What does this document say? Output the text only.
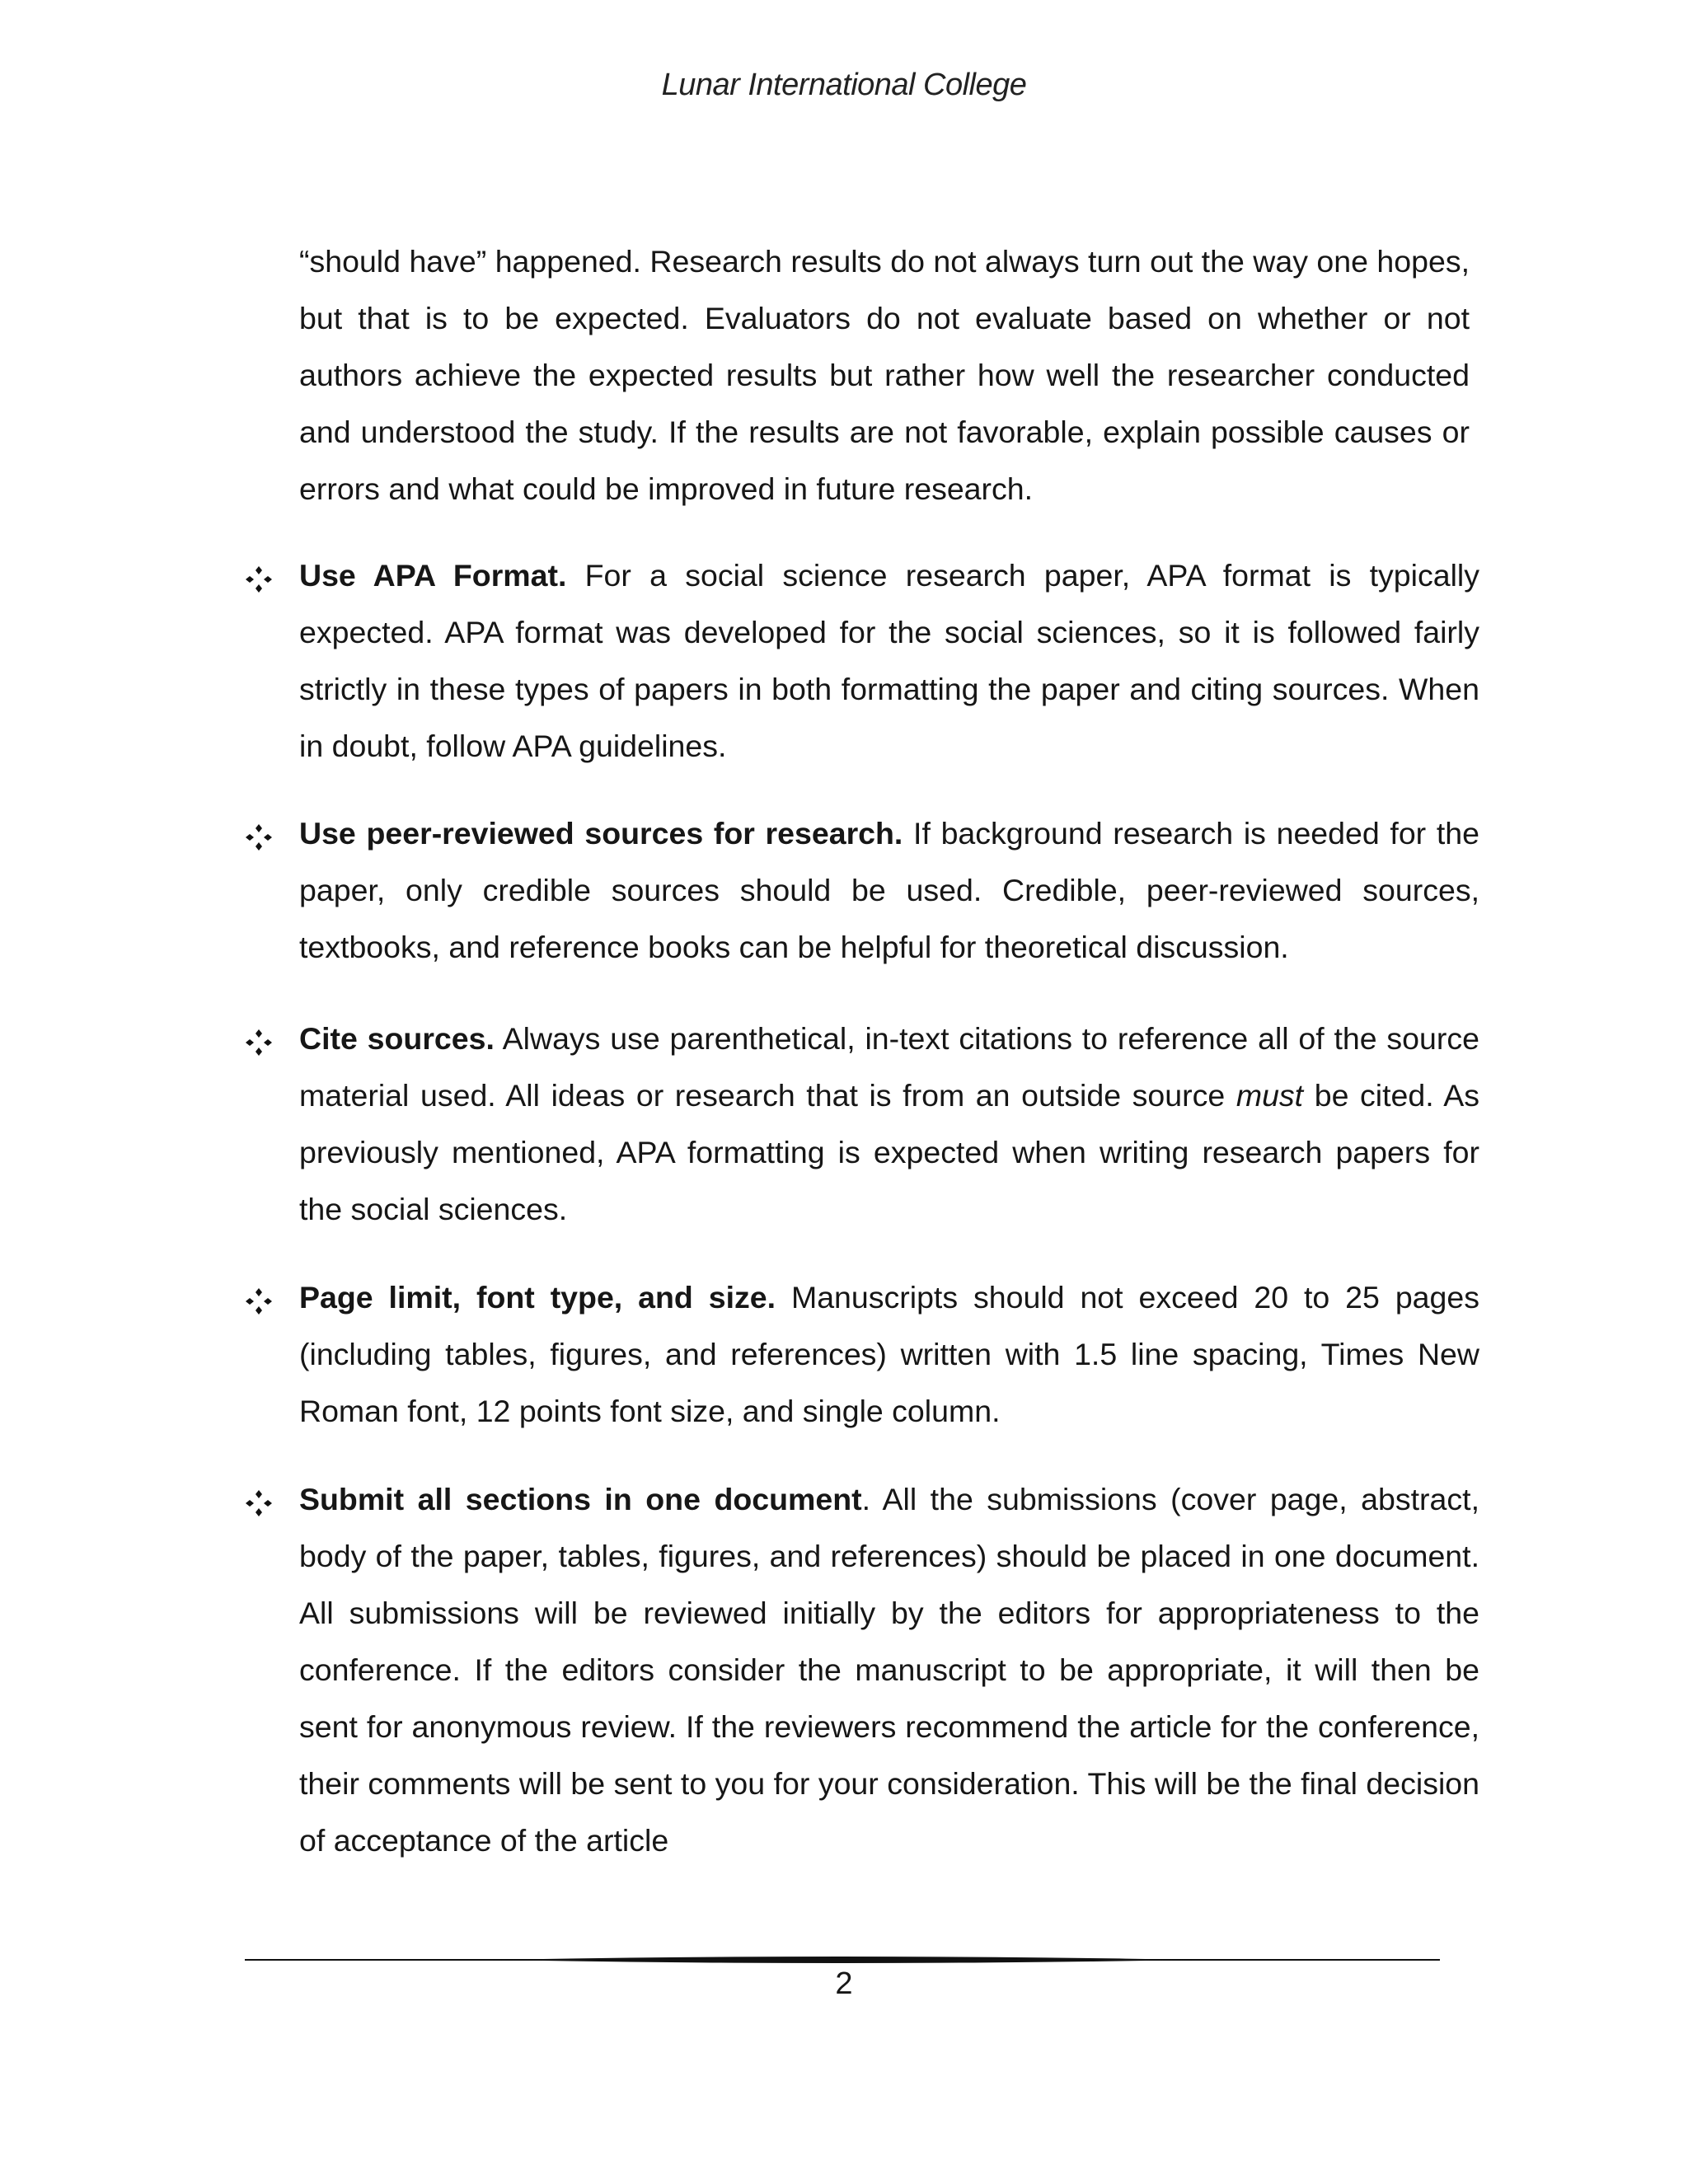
Lunar International College
“should have” happened. Research results do not always turn out the way one hopes, but that is to be expected. Evaluators do not evaluate based on whether or not authors achieve the expected results but rather how well the researcher conducted and understood the study. If the results are not favorable, explain possible causes or errors and what could be improved in future research.
Use APA Format. For a social science research paper, APA format is typically expected. APA format was developed for the social sciences, so it is followed fairly strictly in these types of papers in both formatting the paper and citing sources. When in doubt, follow APA guidelines.
Use peer-reviewed sources for research. If background research is needed for the paper, only credible sources should be used. Credible, peer-reviewed sources, textbooks, and reference books can be helpful for theoretical discussion.
Cite sources. Always use parenthetical, in-text citations to reference all of the source material used. All ideas or research that is from an outside source must be cited. As previously mentioned, APA formatting is expected when writing research papers for the social sciences.
Page limit, font type, and size. Manuscripts should not exceed 20 to 25 pages (including tables, figures, and references) written with 1.5 line spacing, Times New Roman font, 12 points font size, and single column.
Submit all sections in one document. All the submissions (cover page, abstract, body of the paper, tables, figures, and references) should be placed in one document. All submissions will be reviewed initially by the editors for appropriateness to the conference. If the editors consider the manuscript to be appropriate, it will then be sent for anonymous review. If the reviewers recommend the article for the conference, their comments will be sent to you for your consideration. This will be the final decision of acceptance of the article
2
